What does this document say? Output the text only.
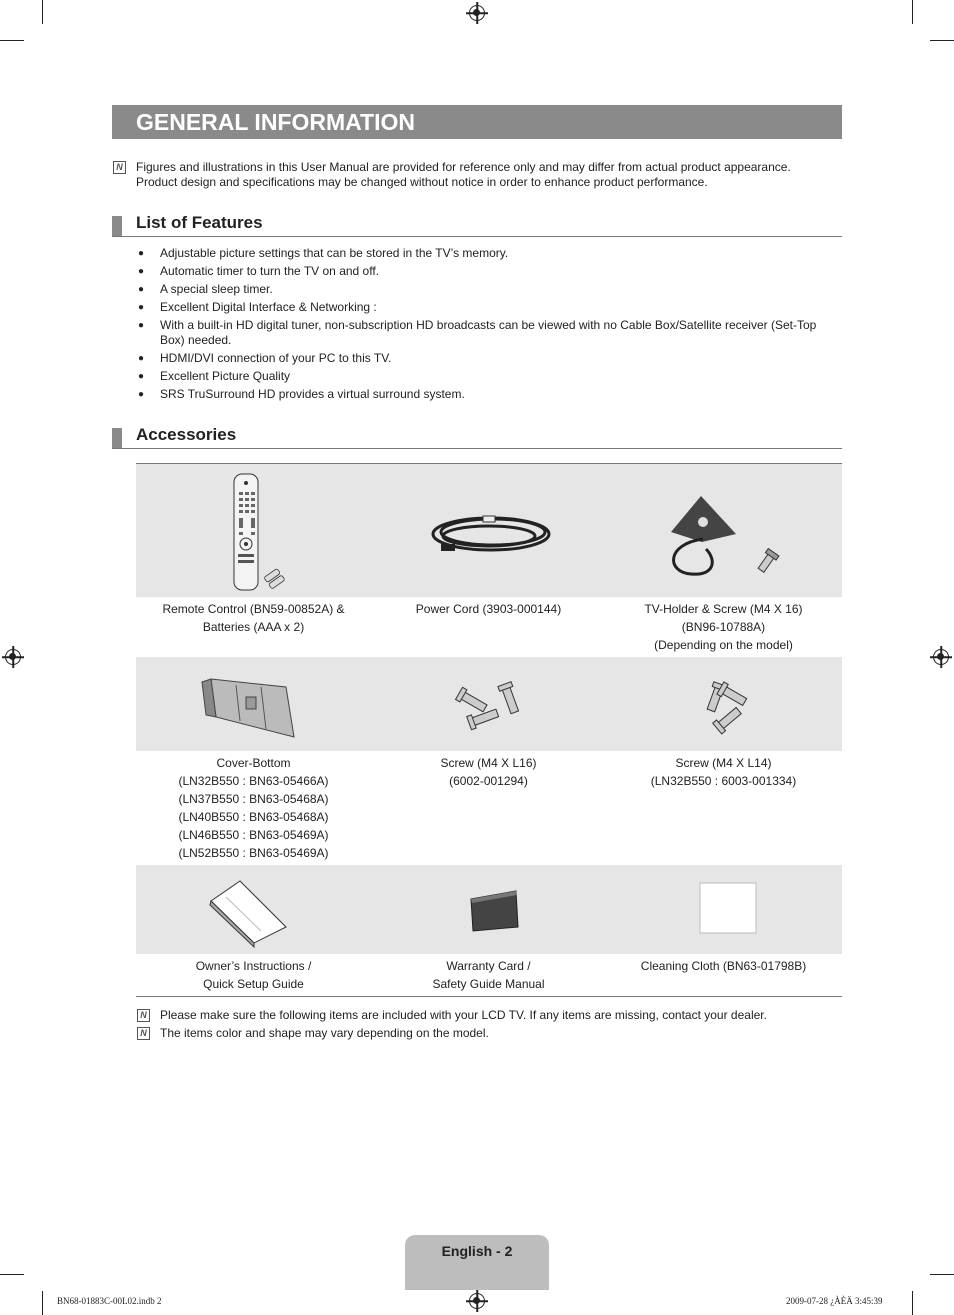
GENERAL INFORMATION
N Figures and illustrations in this User Manual are provided for reference only and may differ from actual product appearance.

Product design and specifications may be changed without notice in order to enhance product performance.

List of Features
● Adjustable picture settings that can be stored in the TV’s memory.
● Automatic timer to turn the TV on and off.
● A special sleep timer.
● Excellent Digital Interface & Networking :
● With a built-in HD digital tuner, non-subscription HD broadcasts can be viewed with no Cable Box/Satellite receiver (Set-Top Box) needed.
● HDMI/DVI connection of your PC to this TV.
● Excellent Picture Quality
● SRS TruSurround HD provides a virtual surround system.
Accessories
Remote Control (BN59-00852A) &
Batteries (AAA x 2)
Power Cord (3903-000144)	TV-Holder & Screw (M4 X 16)
(BN96-10788A)
(Depending on the model)
Cover-Bottom
(LN32B550 : BN63-05466A)
(LN37B550 : BN63-05468A)
(LN40B550 : BN63-05468A)
(LN46B550 : BN63-05469A)
(LN52B550 : BN63-05469A)
Screw (M4 X L16)
(6002-001294)
Screw (M4 X L14)
(LN32B550 : 6003-001334)
Owner’s Instructions /
Quick Setup Guide
Warranty Card /
Safety Guide Manual
Cleaning Cloth (BN63-01798B)
N Please make sure the following items are included with your LCD TV. If any items are missing, contact your dealer.
N The items color and shape may vary depending on the model.
English - 2
BN68-01883C-00L02.indb 2	2009-07-28 ¿ÀÈÄ 3:45:39
